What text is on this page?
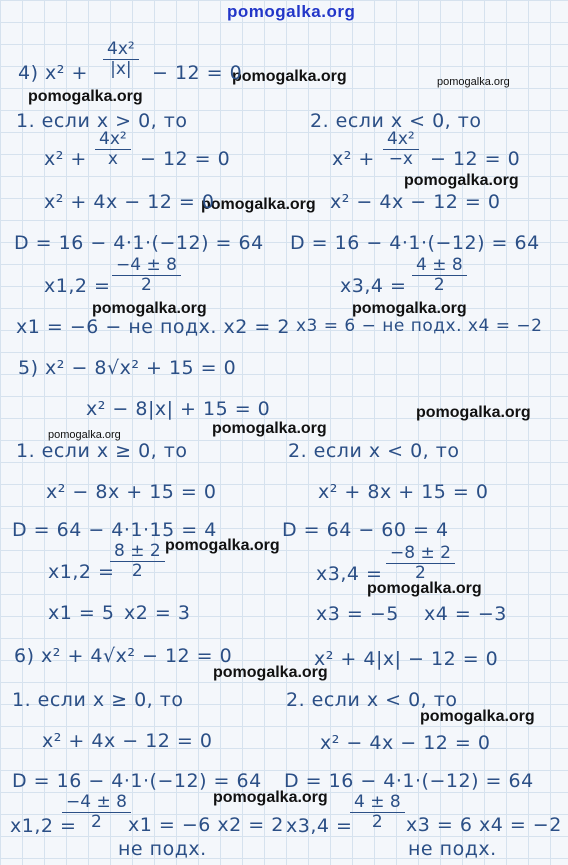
pomogalka.org
pomogalka.org	pomogalka.org
pomogalka.org
pomogalka.org
pomogalka.org
pomogalka.org	pomogalka.org
pomogalka.org
pomogalka.org	pomogalka.org
pomogalka.org
pomogalka.org
pomogalka.org
pomogalka.org
pomogalka.org
4) $x^2 + \frac{\text{4x²}}{|x|} - 12 = 0$
1. если x > 0, то
$x^2 + \frac{\text{4x²}}{x} - 12 = 0$
x² + 4x − 12 = 0
D = 16 − 4·1·(−12) = 64
$x1,2 = \frac{-4 \pm 8}{2}$
x1 = −6 − не подх. x2 = 2
2. если x < 0, то
$x^2 + \frac{\text{4x²}}{-x} - 12 = 0$
x² − 4x − 12 = 0
D = 16 − 4·1·(−12) = 64
$x3,4 = \frac{4 \pm 8}{2}$
x3 = 6 − не подх. x4 = −2
5) x² − 8√x² + 15 = 0
x² − 8|x| + 15 = 0
1. если x ≥ 0, то
x² − 8x + 15 = 0
D = 64 − 4·1·15 = 4
x1,2 =
$\frac{8 \pm 2}{2}$
x1 = 5 x2 = 3
2. если x < 0, то
x² + 8x + 15 = 0
D = 64 − 60 = 4
$x3,4 = \frac{-8 \pm 2}{2}$
x3 = −5 x4 = −3
6) x² + 4√x² − 12 = 0	x² + 4|x| − 12 = 0
1. если x ≥ 0, то
x² + 4x − 12 = 0
D = 16 − 4·1·(−12) = 64
x1,2 =
$\frac{-4 \pm 8}{2}$
x1 = −6 x2 = 2
не подх.
2. если x < 0, то
x² − 4x − 12 = 0
D = 16 − 4·1·(−12) = 64
x3,4 =
$\frac{4 \pm 8}{2} x3 = 6$ x4 = −2
не подх.
